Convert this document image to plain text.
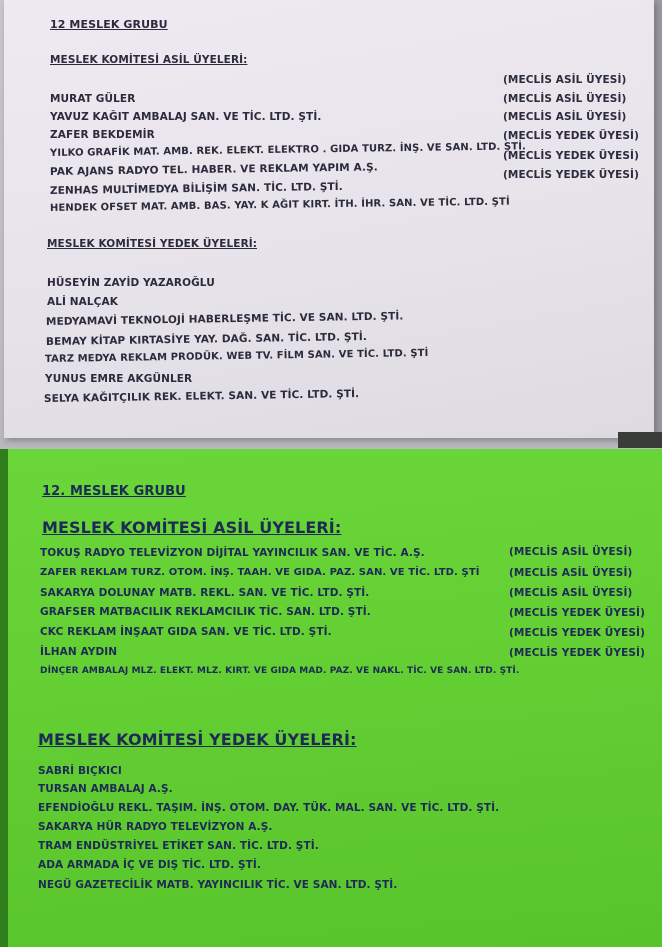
12 MESLEK GRUBU
MESLEK KOMİTESİ ASİL ÜYELERİ:
MURAT GÜLER
YAVUZ KAĞIT AMBALAJ SAN. VE TİC. LTD. ŞTİ.
ZAFER BEKDEMİR
YILKO GRAFİK MAT. AMB. REK. ELEKT. ELEKTRO . GIDA TURZ. İNŞ. VE SAN. LTD. ŞTİ.
PAK AJANS RADYO TEL. HABER. VE REKLAM YAPIM A.Ş.
ZENHAS MULTİMEDYA BİLİŞİM SAN. TİC. LTD. ŞTİ.
HENDEK OFSET MAT. AMB. BAS. YAY. K AĞIT KIRT. İTH. İHR. SAN. VE TİC. LTD. ŞTİ
(MECLİS ASİL ÜYESİ)
(MECLİS ASİL ÜYESİ)
(MECLİS ASİL ÜYESİ)
(MECLİS YEDEK ÜYESİ)
(MECLİS YEDEK ÜYESİ)
(MECLİS YEDEK ÜYESİ)
MESLEK KOMİTESİ YEDEK ÜYELERİ:
HÜSEYİN ZAYİD YAZAROĞLU
ALİ NALÇAK
MEDYAMAVİ TEKNOLOJİ HABERLEŞME TİC. VE SAN. LTD. ŞTİ.
BEMAY KİTAP KIRTASİYE YAY. DAĞ. SAN. TİC. LTD. ŞTİ.
TARZ MEDYA REKLAM PRODÜK. WEB TV. FİLM SAN. VE TİC. LTD. ŞTİ
YUNUS EMRE AKGÜNLER
SELYA KAĞITÇILIK REK. ELEKT. SAN. VE TİC. LTD. ŞTİ.
12. MESLEK GRUBU
MESLEK KOMİTESİ ASİL ÜYELERİ:
TOKUŞ RADYO TELEVİZYON DİJİTAL YAYINCILIK SAN. VE TİC. A.Ş.
ZAFER REKLAM TURZ. OTOM. İNŞ. TAAH. VE GIDA. PAZ. SAN. VE TİC. LTD. ŞTİ
SAKARYA DOLUNAY MATB. REKL. SAN. VE TİC. LTD. ŞTİ.
GRAFSER MATBACILIK REKLAMCILIK TİC. SAN. LTD. ŞTİ.
CKC REKLAM İNŞAAT GIDA SAN. VE TİC. LTD. ŞTİ.
İLHAN AYDIN
DİNÇER AMBALAJ MLZ. ELEKT. MLZ. KIRT. VE GIDA MAD. PAZ. VE NAKL. TİC. VE SAN. LTD. ŞTİ.
(MECLİS ASİL ÜYESİ)
(MECLİS ASİL ÜYESİ)
(MECLİS ASİL ÜYESİ)
(MECLİS YEDEK ÜYESİ)
(MECLİS YEDEK ÜYESİ)
(MECLİS YEDEK ÜYESİ)
MESLEK KOMİTESİ YEDEK ÜYELERİ:
SABRİ BIÇKICI
TURSAN AMBALAJ A.Ş.
EFENDİOĞLU REKL. TAŞIM. İNŞ. OTOM. DAY. TÜK. MAL. SAN. VE TİC. LTD. ŞTİ.
SAKARYA HÜR RADYO TELEVİZYON A.Ş.
TRAM ENDÜSTRİYEL ETİKET SAN. TİC. LTD. ŞTİ.
ADA ARMADA İÇ VE DIŞ TİC. LTD. ŞTİ.
NEGÜ GAZETECİLİK MATB. YAYINCILIK TİC. VE SAN. LTD. ŞTİ.
